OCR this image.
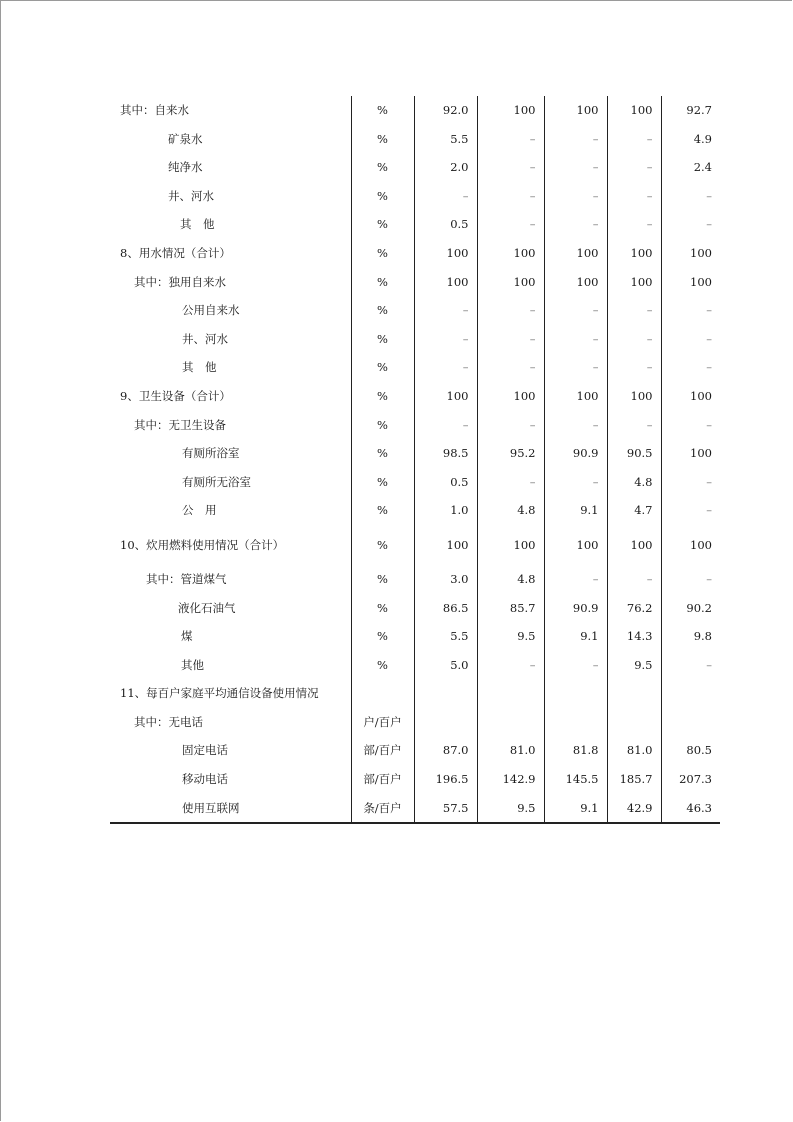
其中：自来水	%	92.0	100	100	100	92.7
矿泉水	%	5.5	–	–	–	4.9
纯净水	%	2.0	–	–	–	2.4
井、河水	%	–	–	–	–	–
其　他	%	0.5	–	–	–	–
8、用水情况（合计）	%	100	100	100	100	100
其中：独用自来水	%	100	100	100	100	100
公用自来水	%	–	–	–	–	–
井、河水	%	–	–	–	–	–
其　他	%	–	–	–	–	–
9、卫生设备（合计）	%	100	100	100	100	100
其中：无卫生设备	%	–	–	–	–	–
有厕所浴室	%	98.5	95.2	90.9	90.5	100
有厕所无浴室	%	0.5	–	–	4.8	–
公　用	%	1.0	4.8	9.1	4.7	–
10、炊用燃料使用情况（合计）	%	100	100	100	100	100
其中：管道煤气	%	3.0	4.8	–	–	–
液化石油气	%	86.5	85.7	90.9	76.2	90.2
煤	%	5.5	9.5	9.1	14.3	9.8
其他	%	5.0	–	–	9.5	–
11、每百户家庭平均通信设备使用情况						
其中：无电话	户/百户					
固定电话	部/百户	87.0	81.0	81.8	81.0	80.5
移动电话	部/百户	196.5	142.9	145.5	185.7	207.3
使用互联网	条/百户	57.5	9.5	9.1	42.9	46.3
